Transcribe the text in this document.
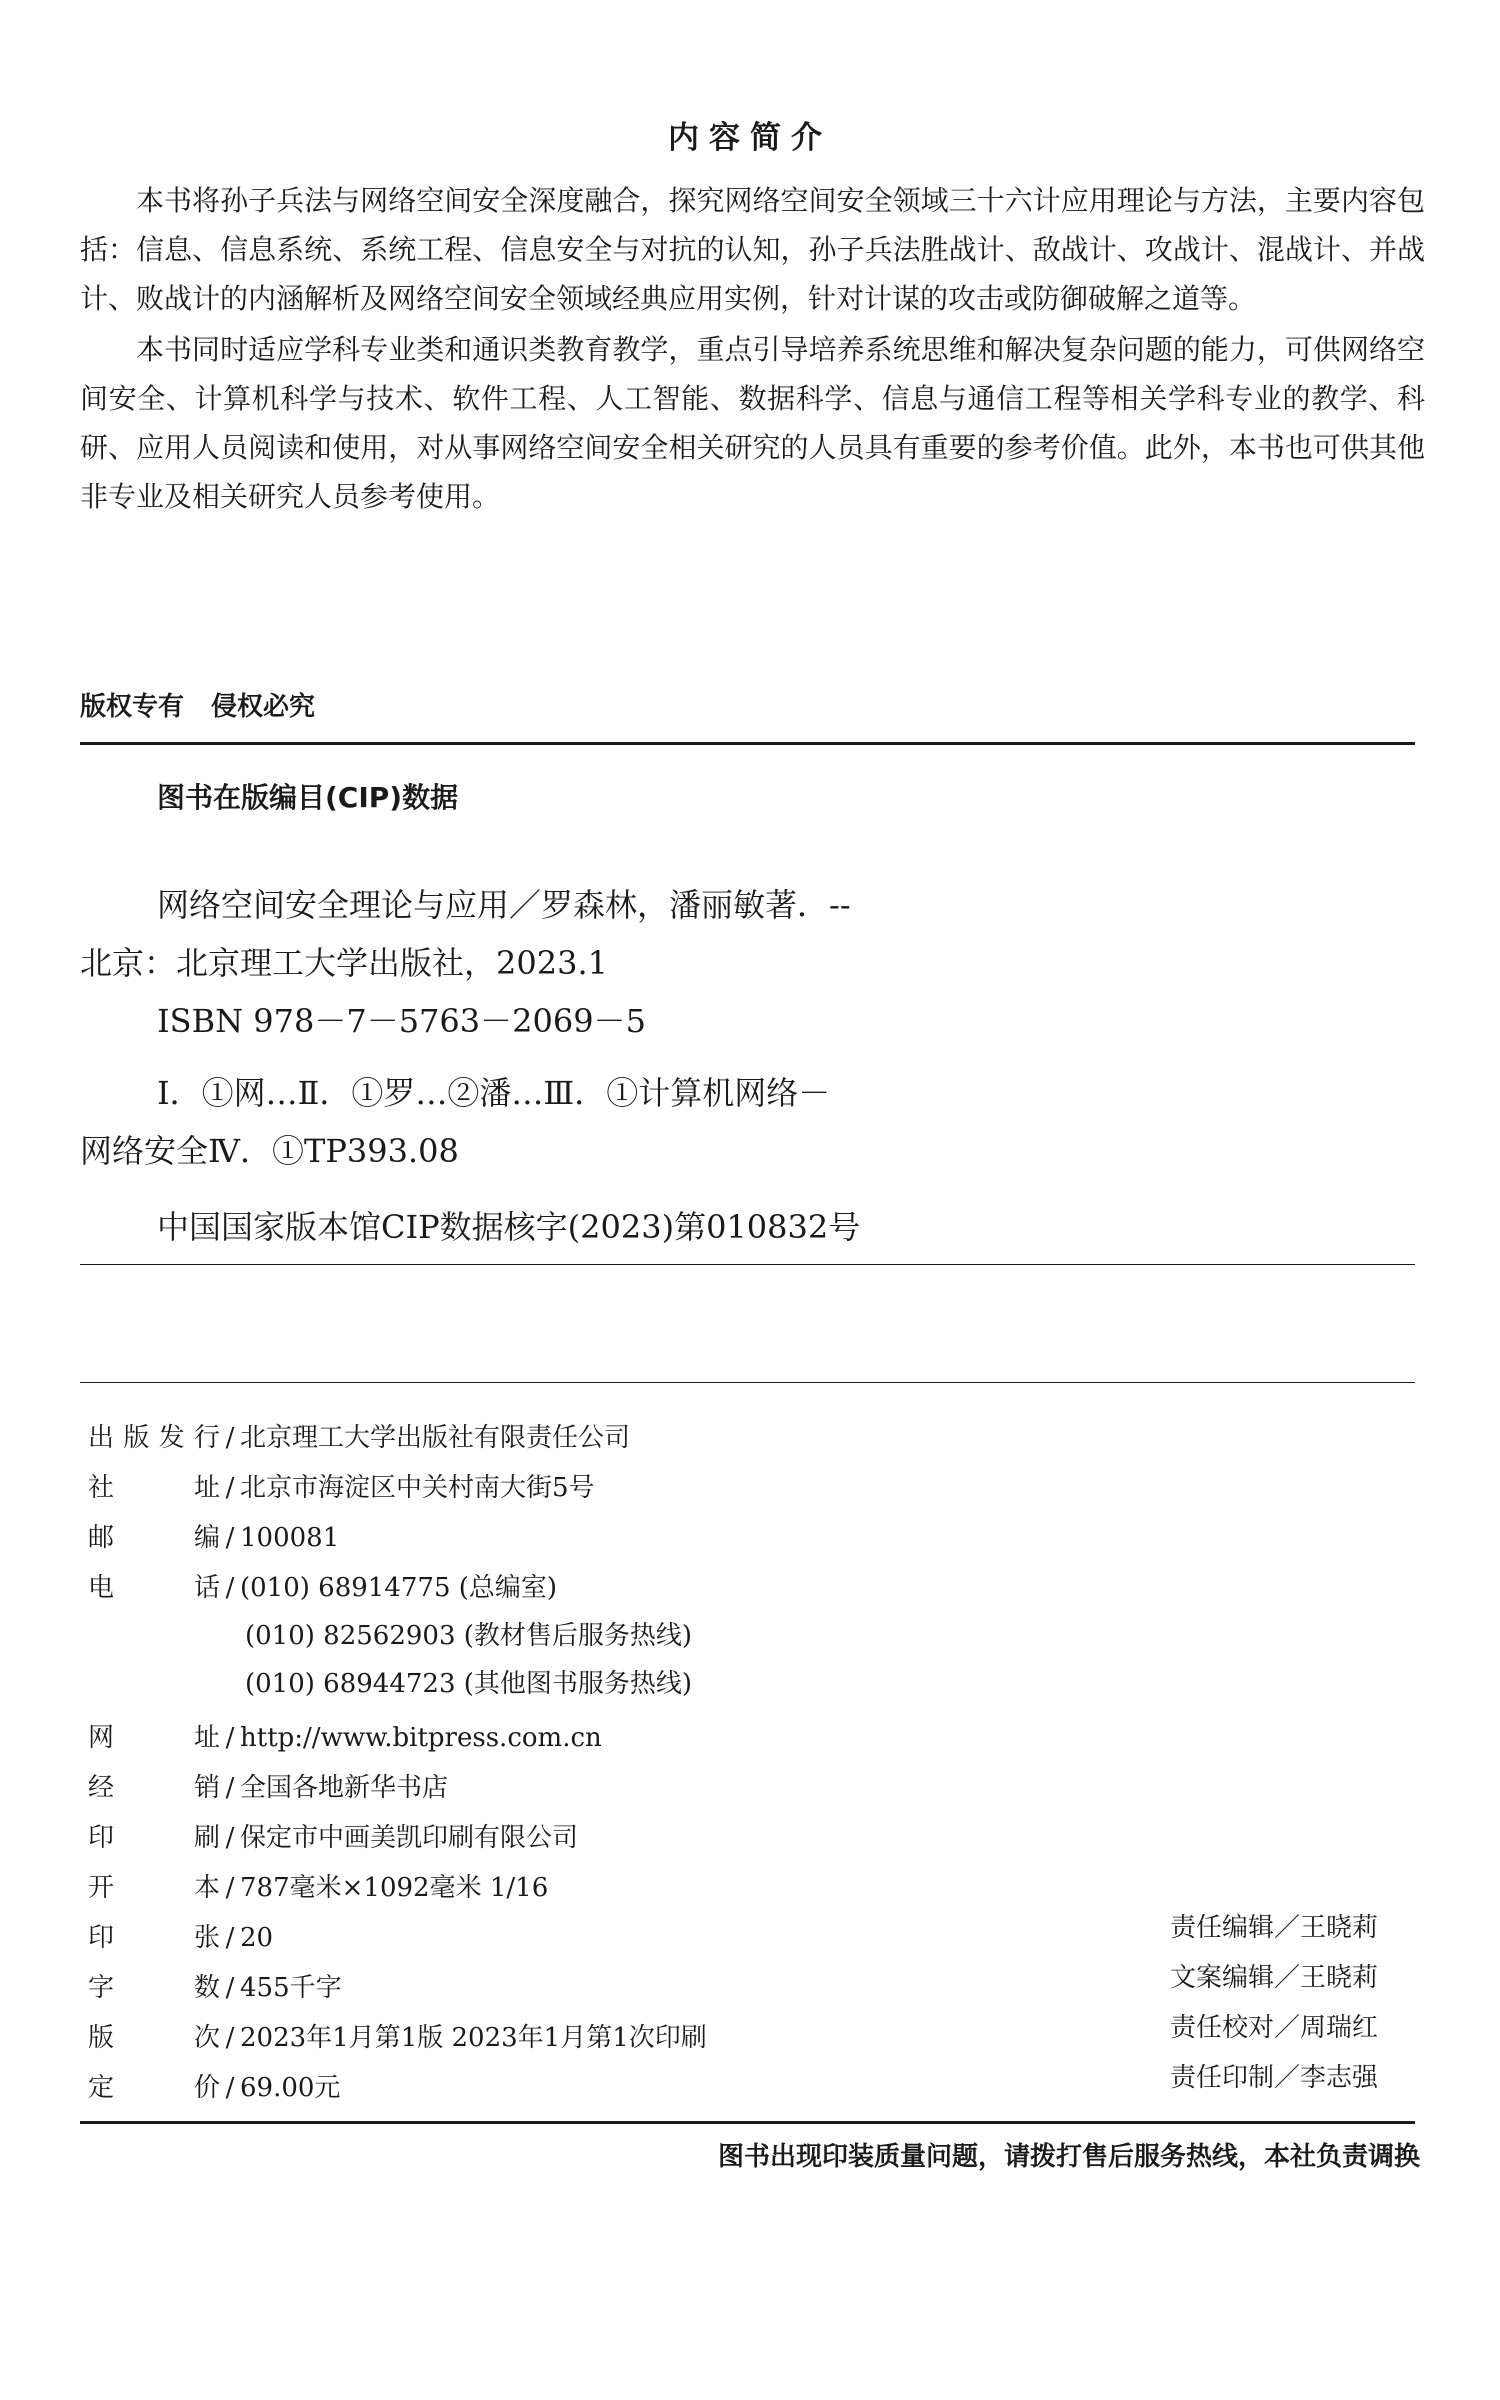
内容简介

本书将孙子兵法与网络空间安全深度融合，探究网络空间安全领域三十六计应用理论与方法，主要内容包括：信息、信息系统、系统工程、信息安全与对抗的认知，孙子兵法胜战计、敌战计、攻战计、混战计、并战计、败战计的内涵解析及网络空间安全领域经典应用实例，针对计谋的攻击或防御破解之道等。

本书同时适应学科专业类和通识类教育教学，重点引导培养系统思维和解决复杂问题的能力，可供网络空间安全、计算机科学与技术、软件工程、人工智能、数据科学、信息与通信工程等相关学科专业的教学、科研、应用人员阅读和使用，对从事网络空间安全相关研究的人员具有重要的参考价值。此外，本书也可供其他非专业及相关研究人员参考使用。

版权专有 侵权必究
图书在版编目(CIP)数据
网络空间安全理论与应用／罗森林，潘丽敏著．--
北京：北京理工大学出版社，2023.1
ISBN 978－7－5763－2069－5
Ⅰ．①网…Ⅱ．①罗…②潘…Ⅲ．①计算机网络－
网络安全Ⅳ．①TP393.08
中国国家版本馆CIP数据核字(2023)第010832号
出版发行 / 北京理工大学出版社有限责任公司
社址 / 北京市海淀区中关村南大街5号
邮编 / 100081
电话 / (010) 68914775 (总编室)
(010) 82562903 (教材售后服务热线)
(010) 68944723 (其他图书服务热线)
网址 / http://www.bitpress.com.cn
经销 / 全国各地新华书店
印刷 / 保定市中画美凯印刷有限公司
开本 / 787毫米×1092毫米 1/16
印张 / 20
字数 / 455千字
版次 / 2023年1月第1版 2023年1月第1次印刷
定价 / 69.00元
责任编辑／王晓莉
文案编辑／王晓莉
责任校对／周瑞红
责任印制／李志强
图书出现印装质量问题，请拨打售后服务热线，本社负责调换
